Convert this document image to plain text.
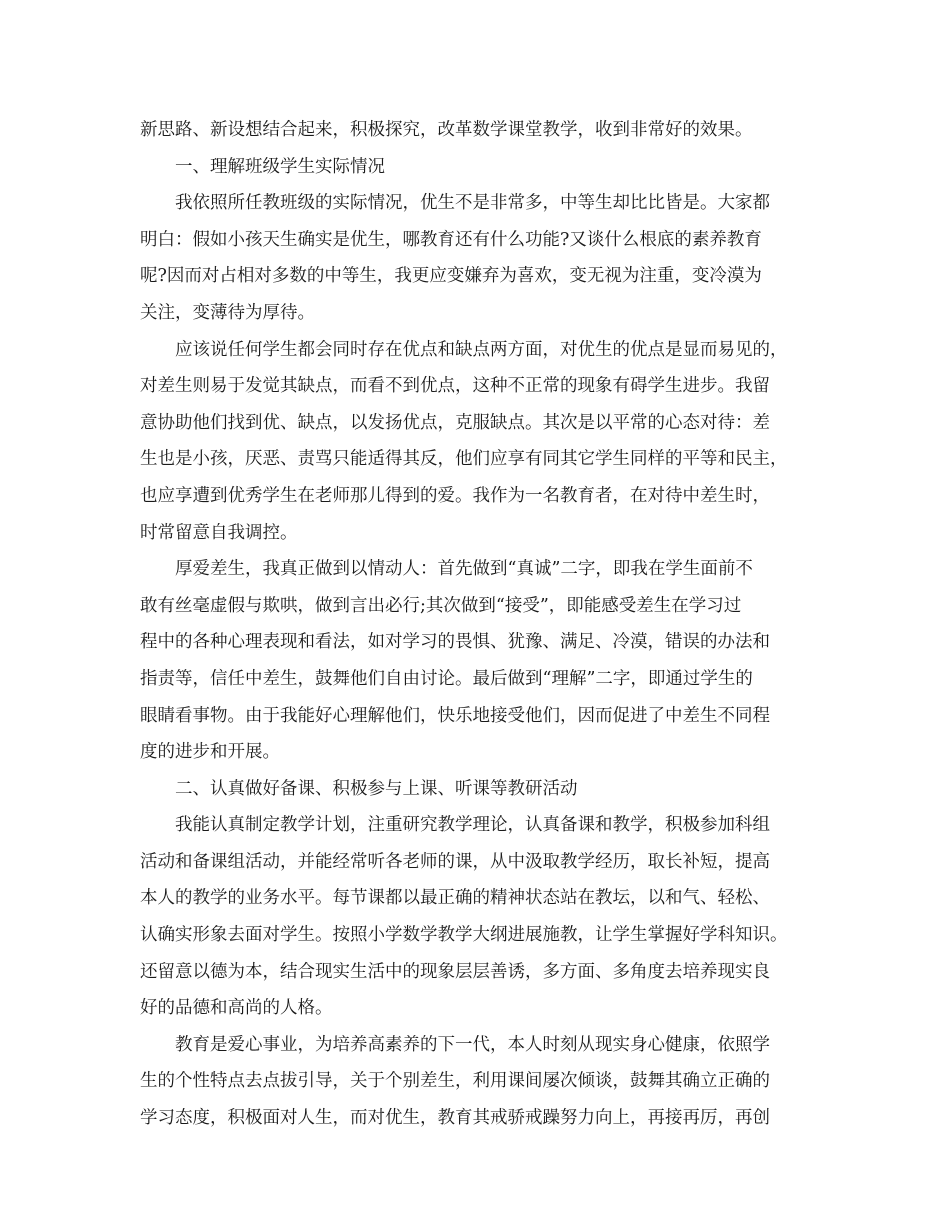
新思路、新设想结合起来，积极探究，改革数学课堂教学，收到非常好的效果。
　　一、理解班级学生实际情况
　　我依照所任教班级的实际情况，优生不是非常多，中等生却比比皆是。大家都
明白：假如小孩天生确实是优生，哪教育还有什么功能?又谈什么根底的素养教育
呢?因而对占相对多数的中等生，我更应变嫌弃为喜欢，变无视为注重，变冷漠为
关注，变薄待为厚待。
　　应该说任何学生都会同时存在优点和缺点两方面，对优生的优点是显而易见的，
对差生则易于发觉其缺点，而看不到优点，这种不正常的现象有碍学生进步。我留
意协助他们找到优、缺点，以发扬优点，克服缺点。其次是以平常的心态对待：差
生也是小孩，厌恶、责骂只能适得其反，他们应享有同其它学生同样的平等和民主，
也应享遭到优秀学生在老师那儿得到的爱。我作为一名教育者，在对待中差生时，
时常留意自我调控。
　　厚爱差生，我真正做到以情动人：首先做到“真诚”二字，即我在学生面前不
敢有丝毫虚假与欺哄，做到言出必行;其次做到“接受”，即能感受差生在学习过
程中的各种心理表现和看法，如对学习的畏惧、犹豫、满足、冷漠，错误的办法和
指责等，信任中差生，鼓舞他们自由讨论。最后做到“理解”二字，即通过学生的
眼睛看事物。由于我能好心理解他们，快乐地接受他们，因而促进了中差生不同程
度的进步和开展。
　　二、认真做好备课、积极参与上课、听课等教研活动
　　我能认真制定教学计划，注重研究教学理论，认真备课和教学，积极参加科组
活动和备课组活动，并能经常听各老师的课，从中汲取教学经历，取长补短，提高
本人的教学的业务水平。每节课都以最正确的精神状态站在教坛，以和气、轻松、
认确实形象去面对学生。按照小学数学教学大纲进展施教，让学生掌握好学科知识。
还留意以德为本，结合现实生活中的现象层层善诱，多方面、多角度去培养现实良
好的品德和高尚的人格。
　　教育是爱心事业，为培养高素养的下一代，本人时刻从现实身心健康，依照学
生的个性特点去点拔引导，关于个别差生，利用课间屡次倾谈，鼓舞其确立正确的
学习态度，积极面对人生，而对优生，教育其戒骄戒躁努力向上，再接再厉，再创
